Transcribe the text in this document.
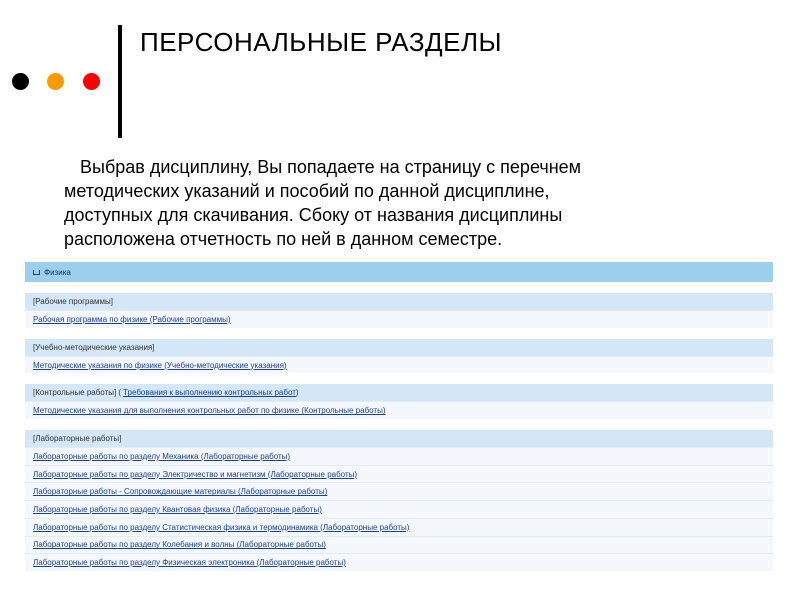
ПЕРСОНАЛЬНЫЕ РАЗДЕЛЫ
Выбрав дисциплину, Вы попадаете на страницу с перечнем
методических указаний и пособий по данной дисциплине,
доступных для скачивания. Сбоку от названия дисциплины
расположена отчетность по ней в данном семестре.
Физика
[Рабочие программы]
Рабочая программа по физике (Рабочие программы)
[Учебно-методические указания]
Методические указания по физике (Учебно-методические указания)
[Контрольные работы] ( Требования к выполнению контрольных работ )
Методические указания для выполнения контрольных работ по физике (Контрольные работы)
[Лабораторные работы]
Лабораторные работы по разделу Механика (Лабораторные работы)
Лабораторные работы по разделу Электричество и магнетизм (Лабораторные работы)
Лабораторные работы - Сопровождающие материалы (Лабораторные работы)
Лабораторные работы по разделу Квантовая физика (Лабораторные работы)
Лабораторные работы по разделу Статистическая физика и термодинамика (Лабораторные работы)
Лабораторные работы по разделу Колебания и волны (Лабораторные работы)
Лабораторные работы по разделу Физическая электроника (Лабораторные работы)
